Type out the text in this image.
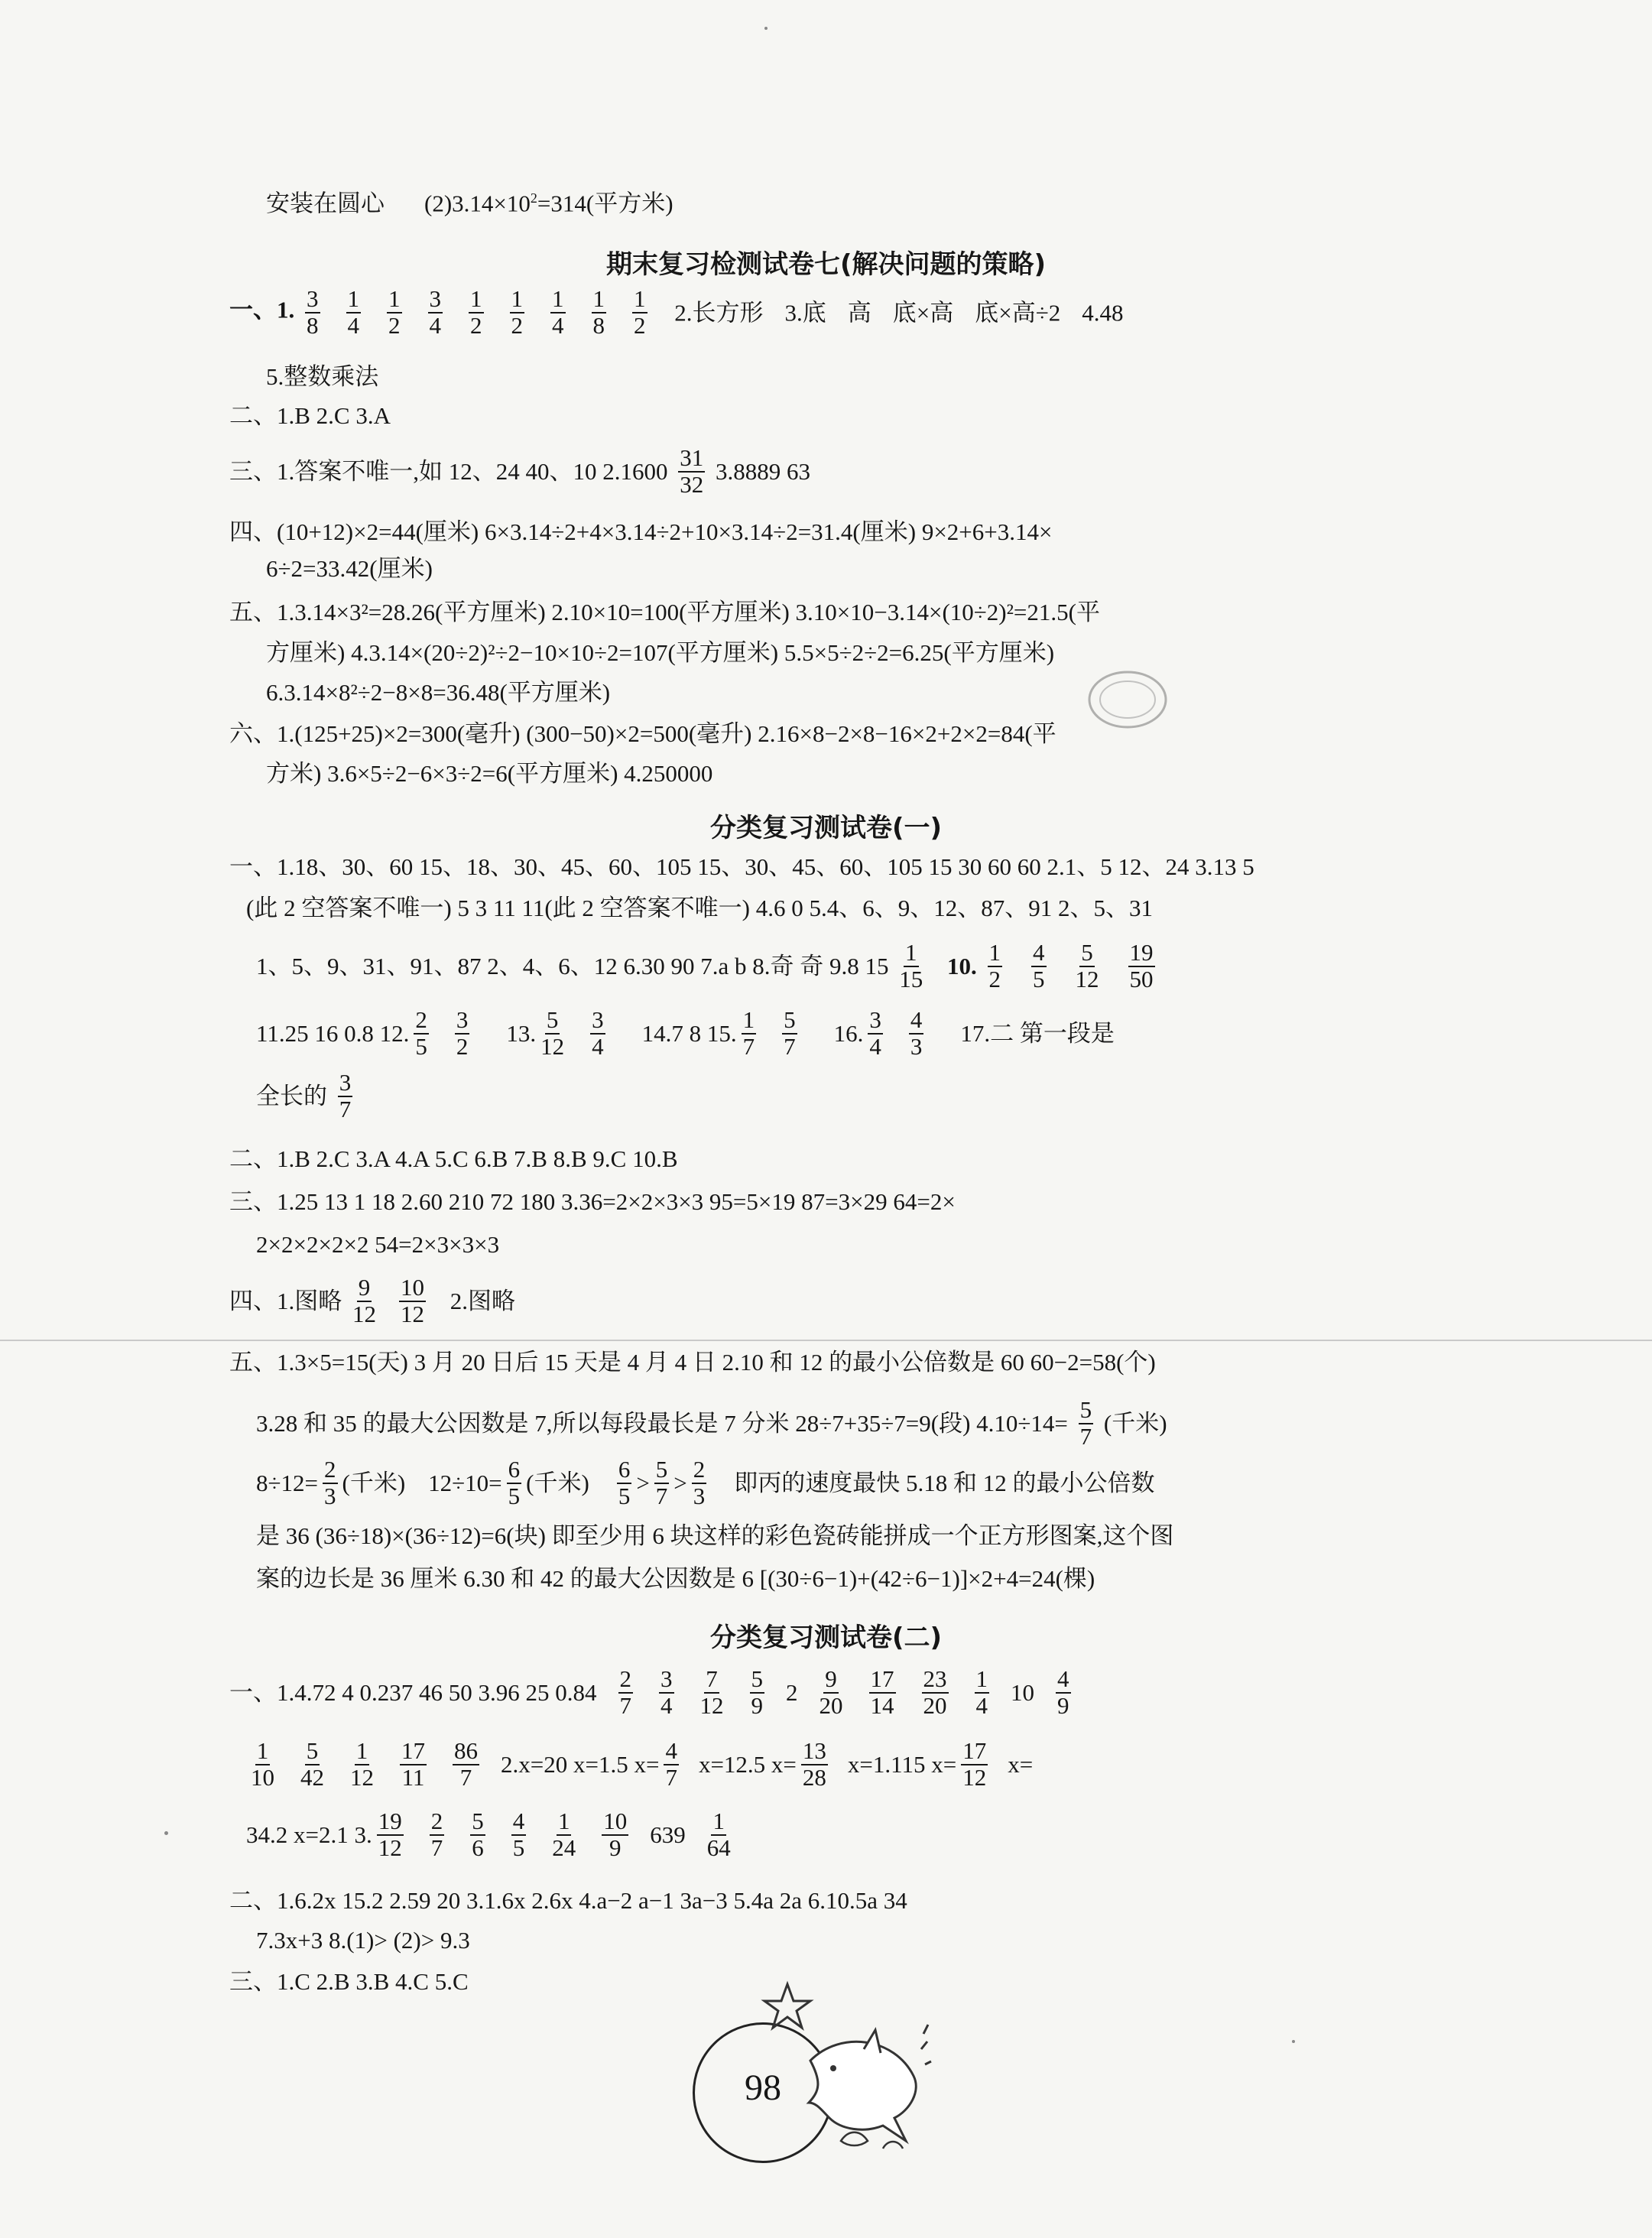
安装在圆心 $(2)3.14\times 10^2=314$(平方米)
期末复习检测试卷七(解决问题的策略)
一、1. $\frac{3}{8} \frac{1}{4} \frac{1}{2} \frac{3}{4} \frac{1}{2} \frac{1}{2} \frac{1}{4} \frac{1}{8} \frac{1}{2} 2$.长方形 3.底 高 底×高 底×高÷2 4.48
5.整数乘法
二、1.B 2.C 3.A
三、1.答案不唯一,如 12、24 40、10 $2.1600 \frac{31}{32} 3.8889$ 63
四、(10+12)×2=44(厘米) 6×3.14÷2+4×3.14÷2+10×3.14÷2=31.4(厘米) 9×2+6+3.14×
6÷2=33.42(厘米)
五、1.3.14×3²=28.26(平方厘米) 2.10×10=100(平方厘米) 3.10×10−3.14×(10÷2)²=21.5(平
方厘米) 4.3.14×(20÷2)²÷2−10×10÷2=107(平方厘米) 5.5×5÷2÷2=6.25(平方厘米)
6.3.14×8²÷2−8×8=36.48(平方厘米)
六、1.(125+25)×2=300(毫升) (300−50)×2=500(毫升) 2.16×8−2×8−16×2+2×2=84(平
方米) 3.6×5÷2−6×3÷2=6(平方厘米) 4.250000
分类复习测试卷(一)
一、1.18、30、60 15、18、30、45、60、105 15、30、45、60、105 15 30 60 60 2.1、5 12、24 3.13 5
(此 2 空答案不唯一) 5 3 11 11(此 2 空答案不唯一) 4.6 0 5.4、6、9、12、87、91 2、5、31
1、5、9、31、91、87 2、4、6、12 6.30 90 7.a b 8.奇 奇 9.8 $15 \frac{1}{15} 10$. $\frac{1}{2} \frac{4}{5} \frac{5}{12} \frac{19}{50}$
11.25 16 0.8 12. $\frac{2}{5} \frac{3}{2} 13$. $\frac{5}{12} \frac{3}{4} 14.7$ 8 15. $\frac{1}{7} \frac{5}{7} 16$. $\frac{3}{4} \frac{4}{3} 17$.二 第一段是
全长的 $\frac{3}{7}$
二、1.B 2.C 3.A 4.A 5.C 6.B 7.B 8.B 9.C 10.B
三、1.25 13 1 18 2.60 210 72 180 3.36=2×2×3×3 95=5×19 87=3×29 64=2×
2×2×2×2×2 54=2×3×3×3
四、1.图略 $\frac{9}{12} \frac{10}{12} 2$.图略
五、1.3×5=15(天) 3 月 20 日后 15 天是 4 月 4 日 2.10 和 12 的最小公倍数是 60 60−2=58(个)
3.28 和 35 的最大公因数是 7,所以每段最长是 7 分米 28÷7+35÷7=9(段) $4.10\div 14= \frac{5}{7}$ (千米)
$8\div 12= \frac{2}{3}$ (千米) $12\div 10= \frac{6}{5}$ (千米) $\frac{6}{5} > \frac{5}{7} > \frac{2}{3}$ 即丙的速度最快 5.18 和 12 的最小公倍数
是 36 (36÷18)×(36÷12)=6(块) 即至少用 6 块这样的彩色瓷砖能拼成一个正方形图案,这个图
案的边长是 36 厘米 6.30 和 42 的最大公因数是 6 [(30÷6−1)+(42÷6−1)]×2+4=24(棵)
分类复习测试卷(二)
一、1.4.72 4 0.237 46 50 3.96 25 $0.84 \frac{2}{7} \frac{3}{4} \frac{7}{12} \frac{5}{9} 2 \frac{9}{20} \frac{17}{14} \frac{23}{20} \frac{1}{4} 10 \frac{4}{9}$
$\frac{1}{10} \frac{5}{42} \frac{1}{12} \frac{17}{11} \frac{86}{7} 2.x=20$ x=1.5 $x= \frac{4}{7} x=12.5$ $x= \frac{13}{28} x=1.115$ $x= \frac{17}{12} x=$
34.2 x=2.1 3. $\frac{19}{12} \frac{2}{7} \frac{5}{6} \frac{4}{5} \frac{1}{24} \frac{10}{9} 639 \frac{1}{64}$
二、1.6.2x 15.2 2.59 20 3.1.6x 2.6x 4.a−2 a−1 3a−3 5.4a 2a 6.10.5a 34
7.3x+3 8.(1)> (2)> 9.3
三、1.C 2.B 3.B 4.C 5.C
98
